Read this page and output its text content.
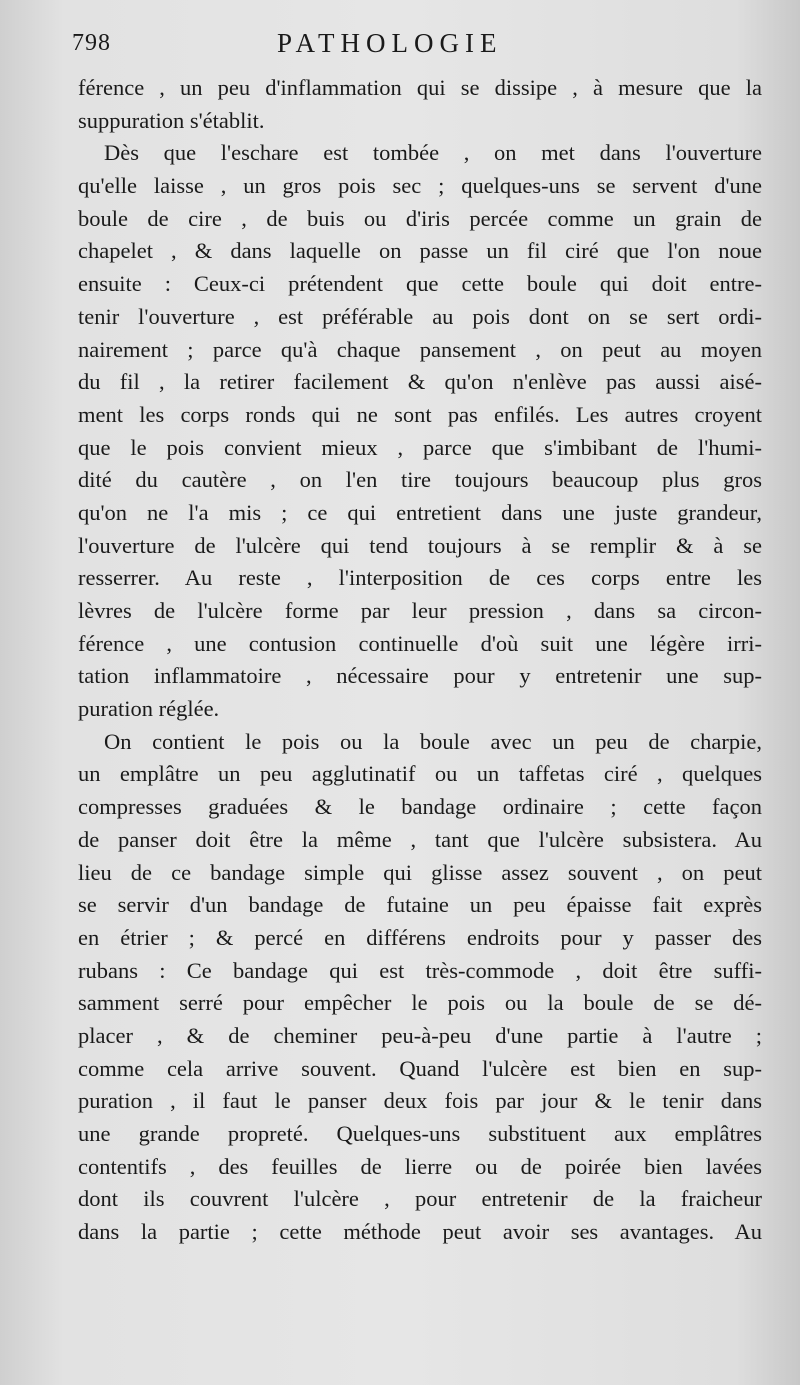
798	PATHOLOGIE
férence , un peu d'inflammation qui se dissipe , à mesure que la
suppuration s'établit.
Dès que l'eschare est tombée , on met dans l'ouverture
qu'elle laisse , un gros pois sec ; quelques-uns se servent d'une
boule de cire , de buis ou d'iris percée comme un grain de
chapelet , & dans laquelle on passe un fil ciré que l'on noue
ensuite : Ceux-ci prétendent que cette boule qui doit entre-
tenir l'ouverture , est préférable au pois dont on se sert ordi-
nairement ; parce qu'à chaque pansement , on peut au moyen
du fil , la retirer facilement & qu'on n'enlève pas aussi aisé-
ment les corps ronds qui ne sont pas enfilés. Les autres croyent
que le pois convient mieux , parce que s'imbibant de l'humi-
dité du cautère , on l'en tire toujours beaucoup plus gros
qu'on ne l'a mis ; ce qui entretient dans une juste grandeur,
l'ouverture de l'ulcère qui tend toujours à se remplir & à se
resserrer. Au reste , l'interposition de ces corps entre les
lèvres de l'ulcère forme par leur pression , dans sa circon-
férence , une contusion continuelle d'où suit une légère irri-
tation inflammatoire , nécessaire pour y entretenir une sup-
puration réglée.
On contient le pois ou la boule avec un peu de charpie,
un emplâtre un peu agglutinatif ou un taffetas ciré , quelques
compresses graduées & le bandage ordinaire ; cette façon
de panser doit être la même , tant que l'ulcère subsistera. Au
lieu de ce bandage simple qui glisse assez souvent , on peut
se servir d'un bandage de futaine un peu épaisse fait exprès
en étrier ; & percé en différens endroits pour y passer des
rubans : Ce bandage qui est très-commode , doit être suffi-
samment serré pour empêcher le pois ou la boule de se dé-
placer , & de cheminer peu-à-peu d'une partie à l'autre ;
comme cela arrive souvent. Quand l'ulcère est bien en sup-
puration , il faut le panser deux fois par jour & le tenir dans
une grande propreté. Quelques-uns substituent aux emplâtres
contentifs , des feuilles de lierre ou de poirée bien lavées
dont ils couvrent l'ulcère , pour entretenir de la fraicheur
dans la partie ; cette méthode peut avoir ses avantages. Au
